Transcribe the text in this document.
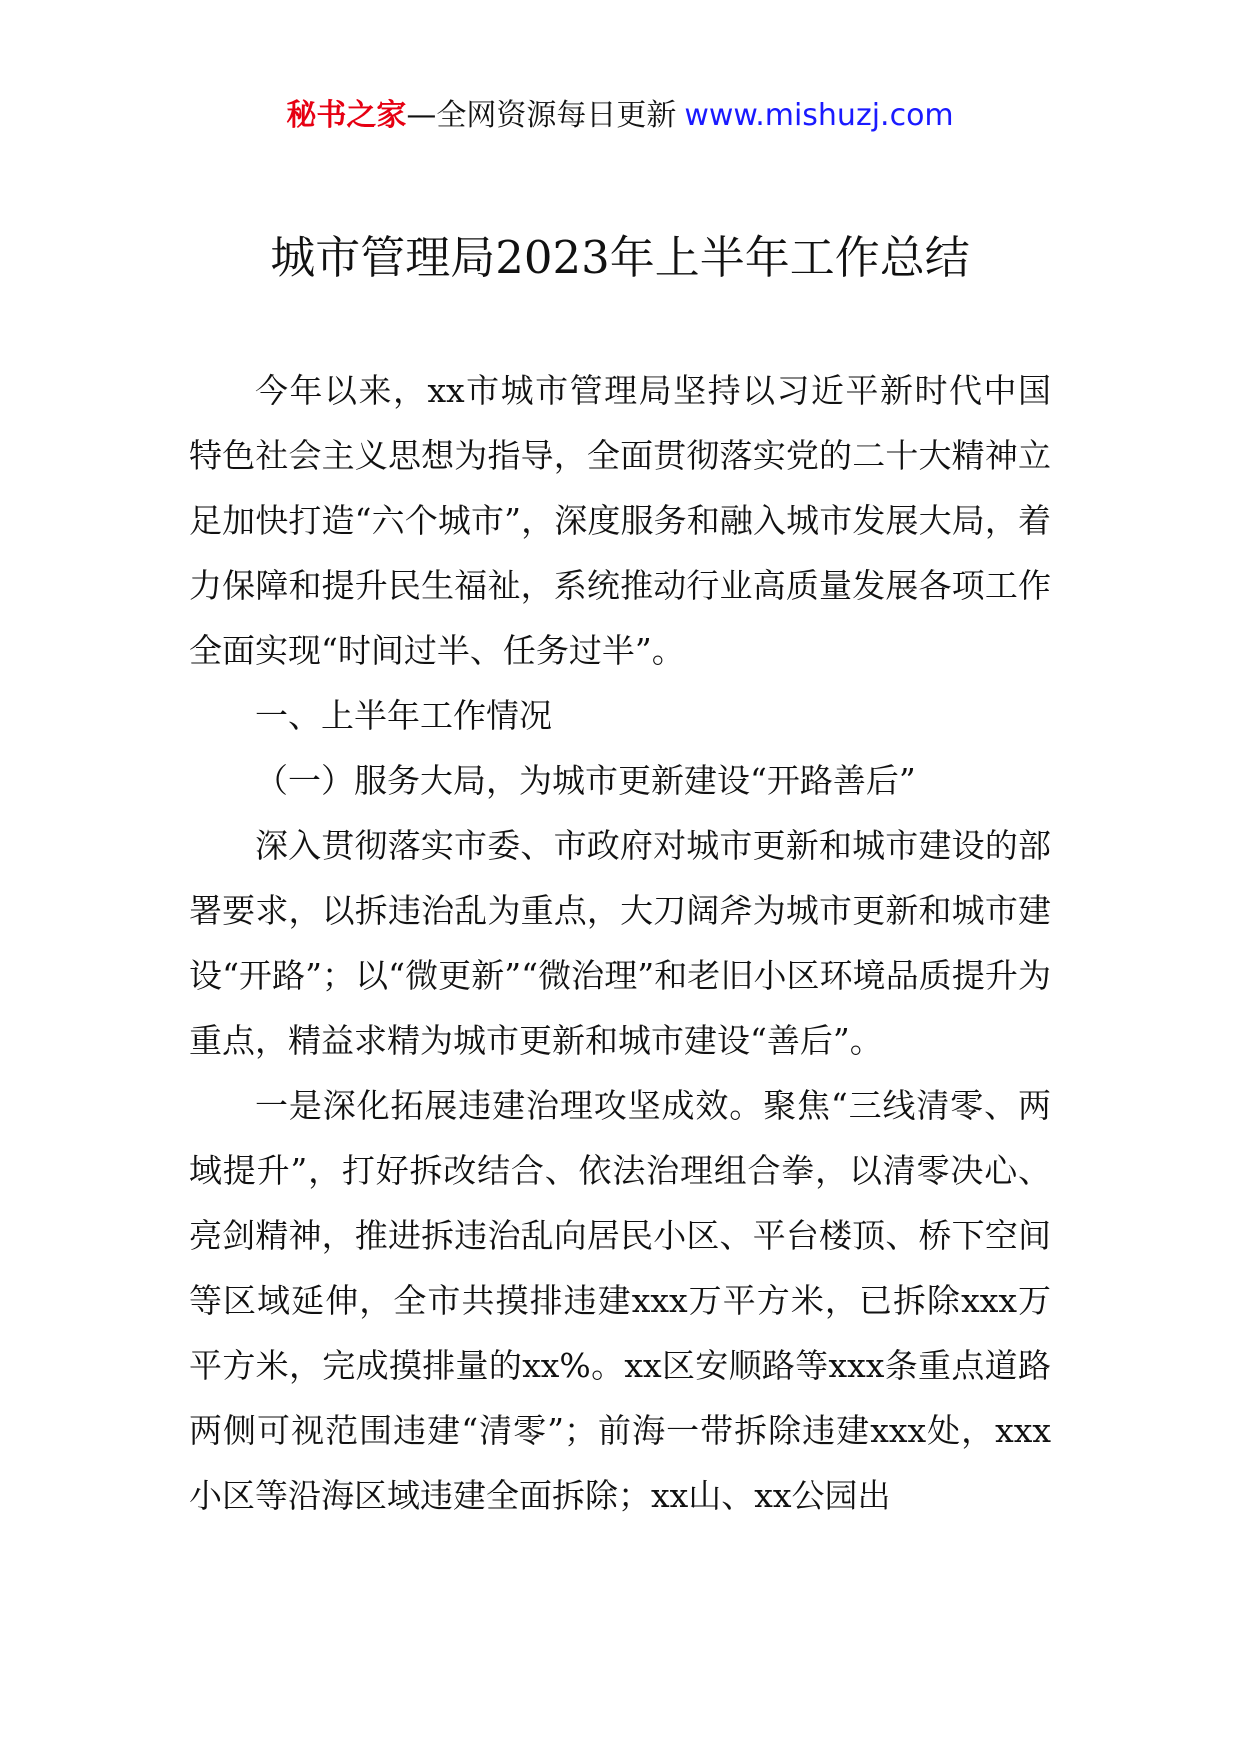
秘书之家—全网资源每日更新 www.mishuzj.com
城市管理局2023年上半年工作总结

今年以来，xx市城市管理局坚持以习近平新时代中国特色社会主义思想为指导，全面贯彻落实党的二十大精神立足加快打造“六个城市”，深度服务和融入城市发展大局，着力保障和提升民生福祉，系统推动行业高质量发展各项工作全面实现“时间过半、任务过半”。

一、上半年工作情况

（一）服务大局，为城市更新建设“开路善后”

深入贯彻落实市委、市政府对城市更新和城市建设的部署要求，以拆违治乱为重点，大刀阔斧为城市更新和城市建设“开路”；以“微更新”“微治理”和老旧小区环境品质提升为重点，精益求精为城市更新和城市建设“善后”。

一是深化拓展违建治理攻坚成效。聚焦“三线清零、两域提升”，打好拆改结合、依法治理组合拳，以清零决心、亮剑精神，推进拆违治乱向居民小区、平台楼顶、桥下空间等区域延伸，全市共摸排违建xxx万平方米，已拆除xxx万平方米，完成摸排量的xx%。xx区安顺路等xxx条重点道路两侧可视范围违建“清零”；前海一带拆除违建xxx处，xxx小区等沿海区域违建全面拆除；xx山、xx公园出
